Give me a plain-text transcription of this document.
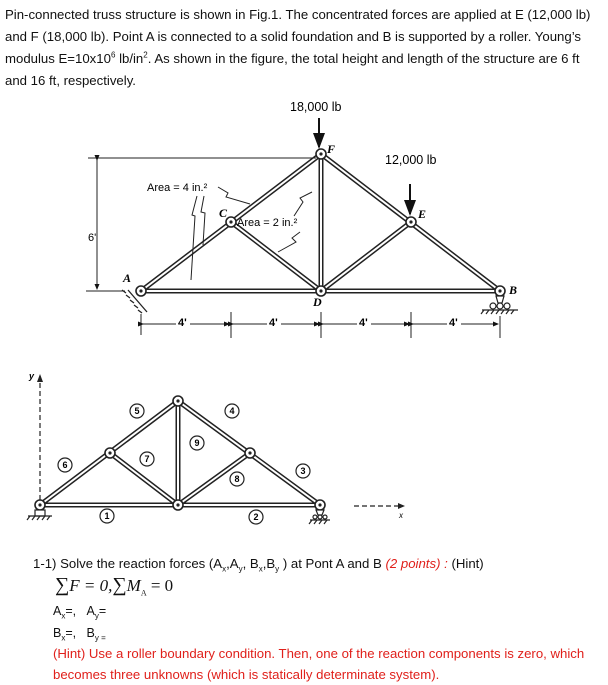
Pin-connected truss structure is shown in Fig.1. The concentrated forces are applied at E (12,000 lb)
and F (18,000 lb). Point A is connected to a solid foundation and B is supported by a roller. Young’s
modulus $E=10x10^6$ $lb/in^2$. As shown in the figure, the total height and length of the structure are 6 ft
and 16 ft, respectively.

A
D
B
F
C	E
18,000 lb
12,000 lb
Area = 4 in.²
Area = 2 in.²
6'
4'	4'	4'	4'
y
x
1	2
3
4
5
6
7
8
9
1-1) Solve the reaction forces ($A_x,A_y$, $B_x,B_y$ ) at Pont A and B (2 points) : (Hint)
$\sum F = 0,\sum M_A = 0$
$A_x=$, $A_y=$
$B_x=$, $B_{y =}$
(Hint) Use a roller boundary condition. Then, one of the reaction components is zero, which becomes three unknowns (which is statically determinate system).
